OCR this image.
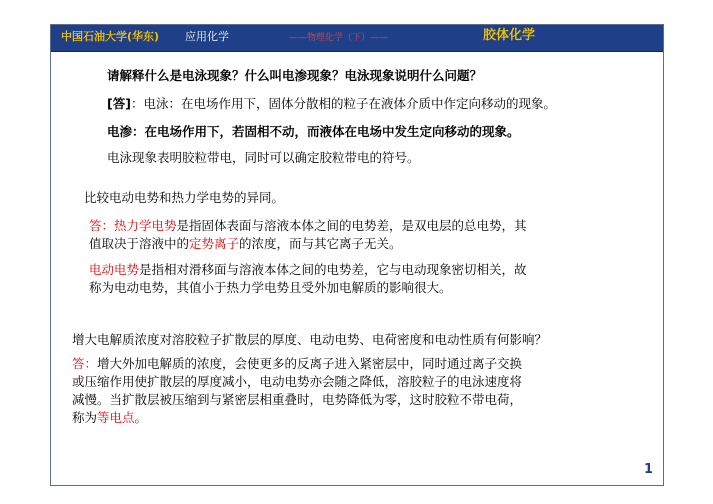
中国石油大学(华东) 应用化学	——物理化学（下）——	胶体化学
请解释什么是电泳现象？什么叫电渗现象？电泳现象说明什么问题？
[答]：电泳：在电场作用下，固体分散相的粒子在液体介质中作定向移动的现象。
电渗：在电场作用下，若固相不动，而液体在电场中发生定向移动的现象。
电泳现象表明胶粒带电，同时可以确定胶粒带电的符号。
比较电动电势和热力学电势的异同。
答：热力学电势是指固体表面与溶液本体之间的电势差，是双电层的总电势，其
值取决于溶液中的定势离子的浓度，而与其它离子无关。
电动电势是指相对滑移面与溶液本体之间的电势差，它与电动现象密切相关，故
称为电动电势，其值小于热力学电势且受外加电解质的影响很大。
增大电解质浓度对溶胶粒子扩散层的厚度、电动电势、电荷密度和电动性质有何影响？
答：增大外加电解质的浓度，会使更多的反离子进入紧密层中，同时通过离子交换
或压缩作用使扩散层的厚度减小，电动电势亦会随之降低，溶胶粒子的电泳速度将
减慢。当扩散层被压缩到与紧密层相重叠时，电势降低为零，这时胶粒不带电荷，
称为等电点。
1
